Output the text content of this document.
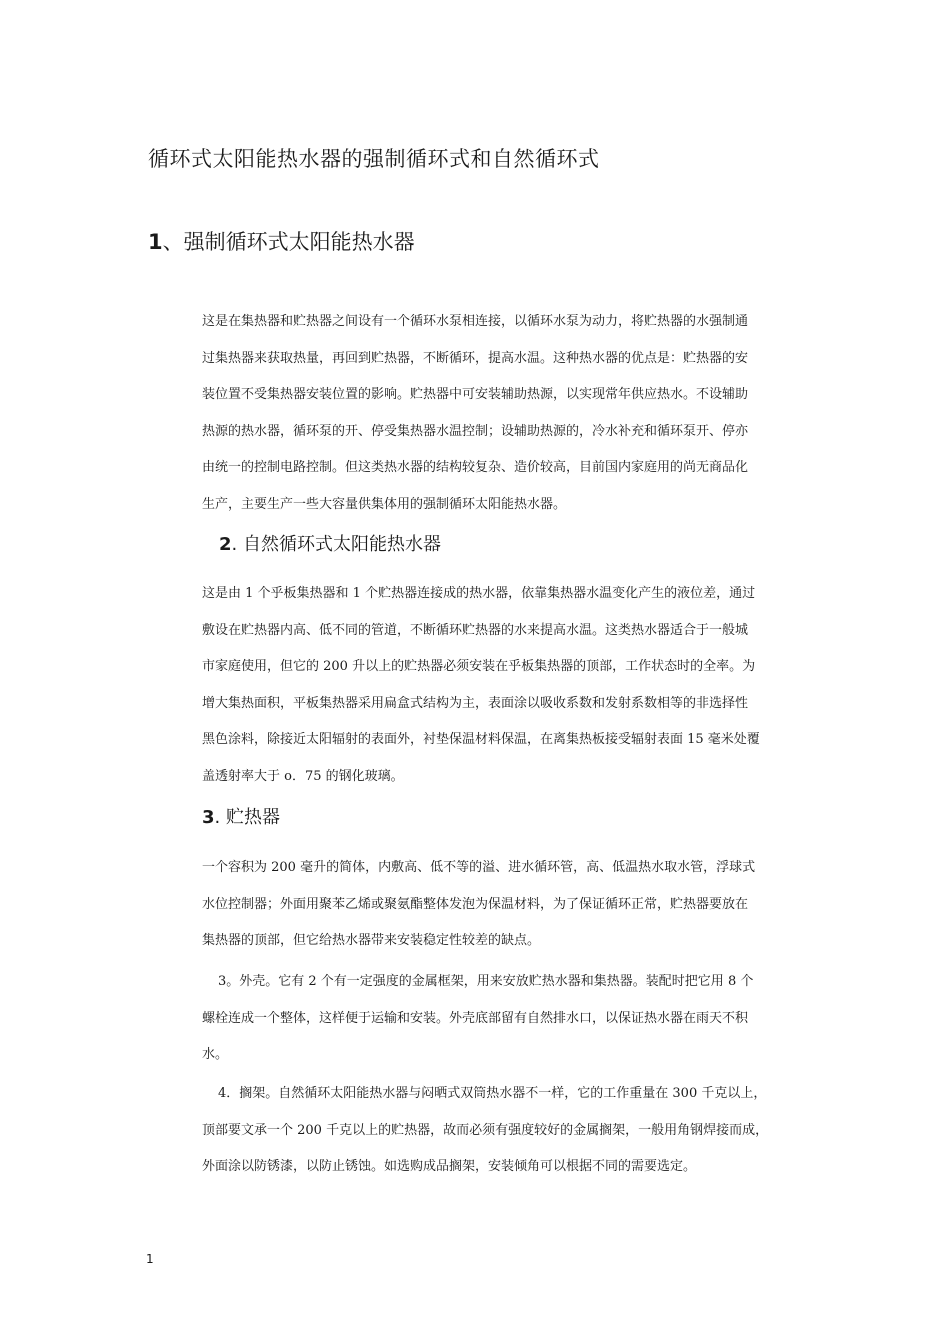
循环式太阳能热水器的强制循环式和自然循环式
1、强制循环式太阳能热水器
这是在集热器和贮热器之间设有一个循环水泵相连接，以循环水泵为动力，将贮热器的水强制通
过集热器来获取热量，再回到贮热器，不断循环，提高水温。这种热水器的优点是：贮热器的安
装位置不受集热器安装位置的影响。贮热器中可安装辅助热源，以实现常年供应热水。不设辅助
热源的热水器，循环泵的开、停受集热器水温控制；设辅助热源的，冷水补充和循环泵开、停亦
由统一的控制电路控制。但这类热水器的结构较复杂、造价较高，目前国内家庭用的尚无商品化
生产，主要生产一些大容量供集体用的强制循环太阳能热水器。
2. 自然循环式太阳能热水器
这是由 1 个乎板集热器和 1 个贮热器连接成的热水器，依靠集热器水温变化产生的液位差，通过
敷设在贮热器内高、低不同的管道，不断循环贮热器的水来提高水温。这类热水器适合于一般城
市家庭使用，但它的 200 升以上的贮热器必须安装在乎板集热器的顶部，工作状态时的全率。为
增大集热面积，平板集热器采用扁盒式结构为主，表面涂以吸收系数和发射系数相等的非选择性
黑色涂料，除接近太阳辐射的表面外，衬垫保温材料保温，在离集热板接受辐射表面 15 毫米处覆
盖透射率大于 o．75 的钢化玻璃。
3. 贮热器
一个容积为 200 毫升的简体，内敷高、低不等的溢、进水循环管，高、低温热水取水管，浮球式
水位控制器；外面用聚苯乙烯或聚氨酯整体发泡为保温材料，为了保证循环正常，贮热器要放在
集热器的顶部，但它给热水器带来安装稳定性较差的缺点。
3。外壳。它有 2 个有一定强度的金属框架，用来安放贮热水器和集热器。装配时把它用 8 个
螺栓连成一个整体，这样便于运输和安装。外壳底部留有自然排水口，以保证热水器在雨天不积
水。
4．搁架。自然循环太阳能热水器与闷晒式双筒热水器不一样，它的工作重量在 300 千克以上，
顶部要文承一个 200 千克以上的贮热器，故而必须有强度较好的金属搁架，一般用角钢焊接而成，
外面涂以防锈漆，以防止锈蚀。如选购成品搁架，安装倾角可以根据不同的需要选定。
1
